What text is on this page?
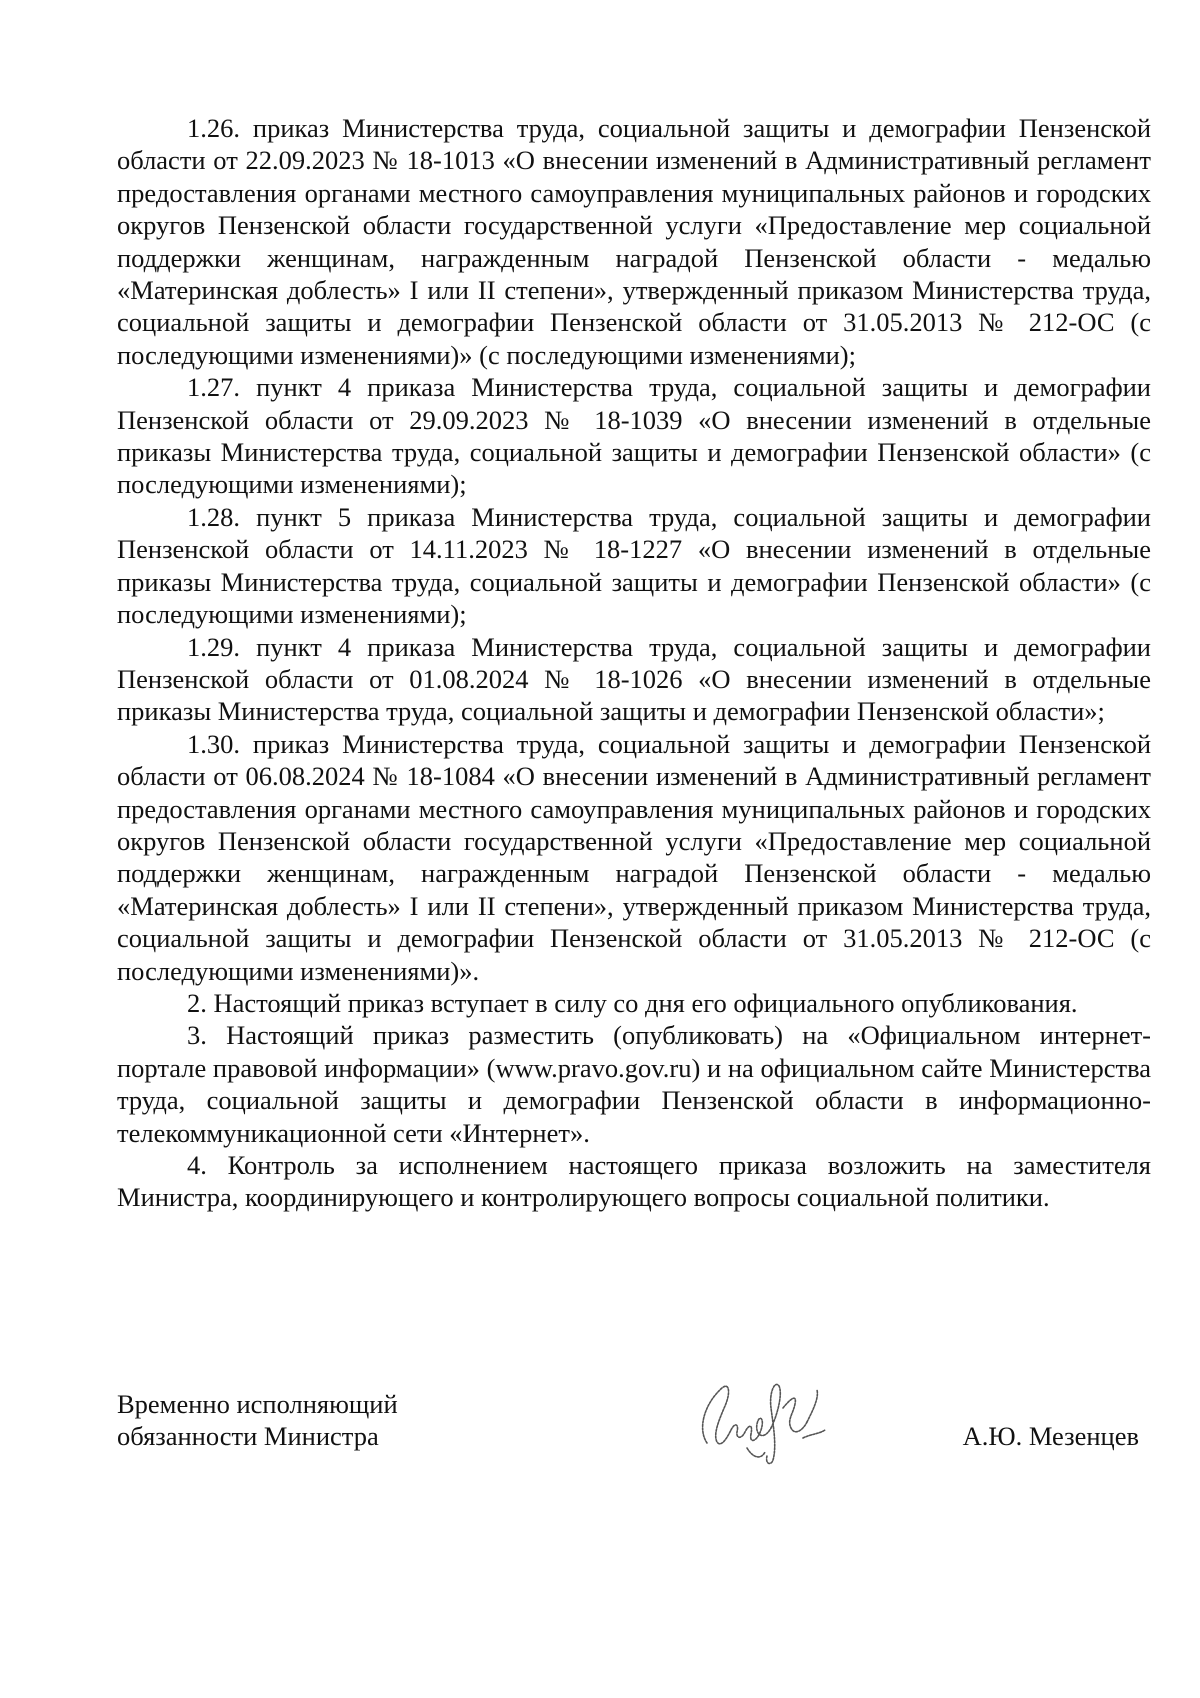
1.26. приказ Министерства труда, социальной защиты и демографии Пензенской области от 22.09.2023 № 18-1013 «О внесении изменений в Административный регламент предоставления органами местного самоуправления муниципальных районов и городских округов Пензенской области государственной услуги «Предоставление мер социальной поддержки женщинам, награжденным наградой Пензенской области - медалью «Материнская доблесть» I или II степени», утвержденный приказом Министерства труда, социальной защиты и демографии Пензенской области от 31.05.2013 № 212-ОС (с последующими изменениями)» (с последующими изменениями);

1.27. пункт 4 приказа Министерства труда, социальной защиты и демографии Пензенской области от 29.09.2023 № 18-1039 «О внесении изменений в отдельные приказы Министерства труда, социальной защиты и демографии Пензенской области» (с последующими изменениями);

1.28. пункт 5 приказа Министерства труда, социальной защиты и демографии Пензенской области от 14.11.2023 № 18-1227 «О внесении изменений в отдельные приказы Министерства труда, социальной защиты и демографии Пензенской области» (с последующими изменениями);

1.29. пункт 4 приказа Министерства труда, социальной защиты и демографии Пензенской области от 01.08.2024 № 18-1026 «О внесении изменений в отдельные приказы Министерства труда, социальной защиты и демографии Пензенской области»;

1.30. приказ Министерства труда, социальной защиты и демографии Пензенской области от 06.08.2024 № 18-1084 «О внесении изменений в Административный регламент предоставления органами местного самоуправления муниципальных районов и городских округов Пензенской области государственной услуги «Предоставление мер социальной поддержки женщинам, награжденным наградой Пензенской области - медалью «Материнская доблесть» I или II степени», утвержденный приказом Министерства труда, социальной защиты и демографии Пензенской области от 31.05.2013 № 212-ОС (с последующими изменениями)».

2. Настоящий приказ вступает в силу со дня его официального опубликования.

3. Настоящий приказ разместить (опубликовать) на «Официальном интернет-портале правовой информации» (www.pravo.gov.ru) и на официальном сайте Министерства труда, социальной защиты и демографии Пензенской области в информационно-телекоммуникационной сети «Интернет».

4. Контроль за исполнением настоящего приказа возложить на заместителя Министра, координирующего и контролирующего вопросы социальной политики.

Временно исполняющий
обязанности Министра	А.Ю. Мезенцев
